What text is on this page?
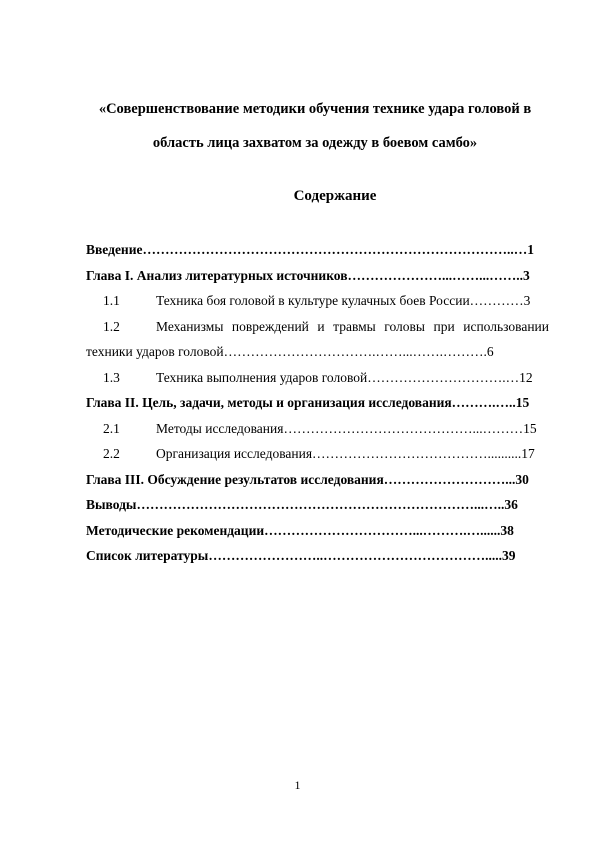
«Совершенствование методики обучения технике удара головой в
область лица захватом за одежду в боевом самбо»
Содержание
Введение………………………………………………………………………..…1
Глава I. Анализ литературных источников…………………...……...……..3
1.1	Техника боя головой в культуре кулачных боев России…………3
1.2	Механизмы повреждений и травмы головы при использовании
техники ударов головой…………………………….……...…….……….6
1.3	Техника выполнения ударов головой………………………….…12
Глава II. Цель, задачи, методы и организация исследования……….…..15
2.1	Методы исследования……………………………………...………15
2.2	Организация исследования…………………………………..........17
Глава III. Обсуждение результатов исследования………………………...30
Выводы…………………………………………………………………...…..36
Методические рекомендации……………………………...……….…......38
Список литературы……………………..……………………………….....39
1
